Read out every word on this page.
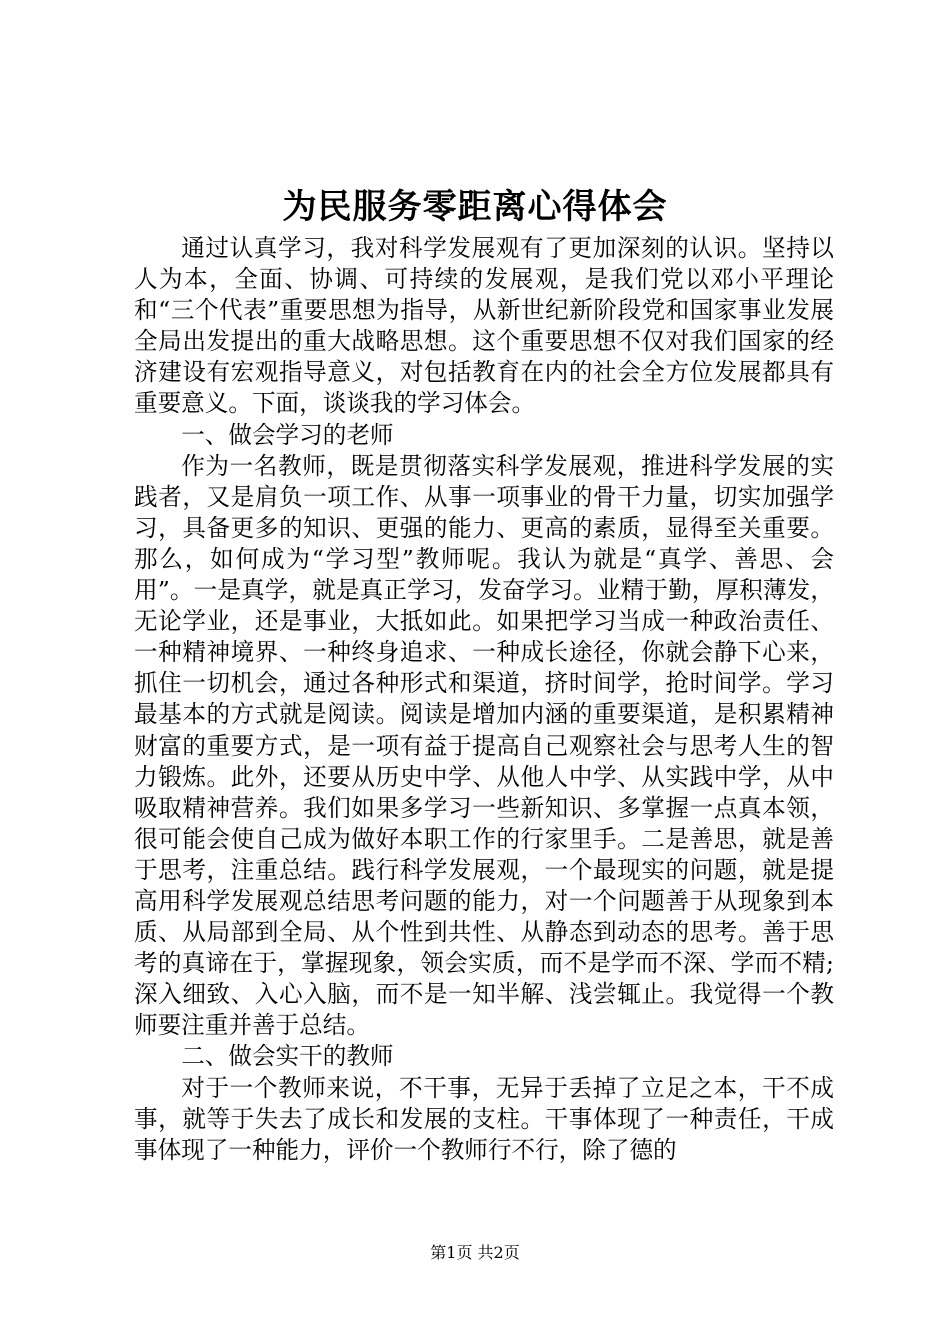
为民服务零距离心得体会

通过认真学习，我对科学发展观有了更加深刻的认识。坚持以人为本，全面、协调、可持续的发展观，是我们党以邓小平理论和“三个代表”重要思想为指导，从新世纪新阶段党和国家事业发展全局出发提出的重大战略思想。这个重要思想不仅对我们国家的经济建设有宏观指导意义，对包括教育在内的社会全方位发展都具有重要意义。下面，谈谈我的学习体会。

一、做会学习的老师

作为一名教师，既是贯彻落实科学发展观，推进科学发展的实践者，又是肩负一项工作、从事一项事业的骨干力量，切实加强学习，具备更多的知识、更强的能力、更高的素质，显得至关重要。那么，如何成为“学习型”教师呢。我认为就是“真学、善思、会用”。一是真学，就是真正学习，发奋学习。业精于勤，厚积薄发，无论学业，还是事业，大抵如此。如果把学习当成一种政治责任、一种精神境界、一种终身追求、一种成长途径，你就会静下心来，抓住一切机会，通过各种形式和渠道，挤时间学，抢时间学。学习最基本的方式就是阅读。阅读是增加内涵的重要渠道，是积累精神财富的重要方式，是一项有益于提高自己观察社会与思考人生的智力锻炼。此外，还要从历史中学、从他人中学、从实践中学，从中吸取精神营养。我们如果多学习一些新知识、多掌握一点真本领，很可能会使自己成为做好本职工作的行家里手。二是善思，就是善于思考，注重总结。践行科学发展观，一个最现实的问题，就是提高用科学发展观总结思考问题的能力，对一个问题善于从现象到本质、从局部到全局、从个性到共性、从静态到动态的思考。善于思考的真谛在于，掌握现象，领会实质，而不是学而不深、学而不精;深入细致、入心入脑，而不是一知半解、浅尝辄止。我觉得一个教师要注重并善于总结。

二、做会实干的教师

对于一个教师来说，不干事，无异于丢掉了立足之本，干不成事，就等于失去了成长和发展的支柱。干事体现了一种责任，干成事体现了一种能力，评价一个教师行不行，除了德的

第1页 共2页
